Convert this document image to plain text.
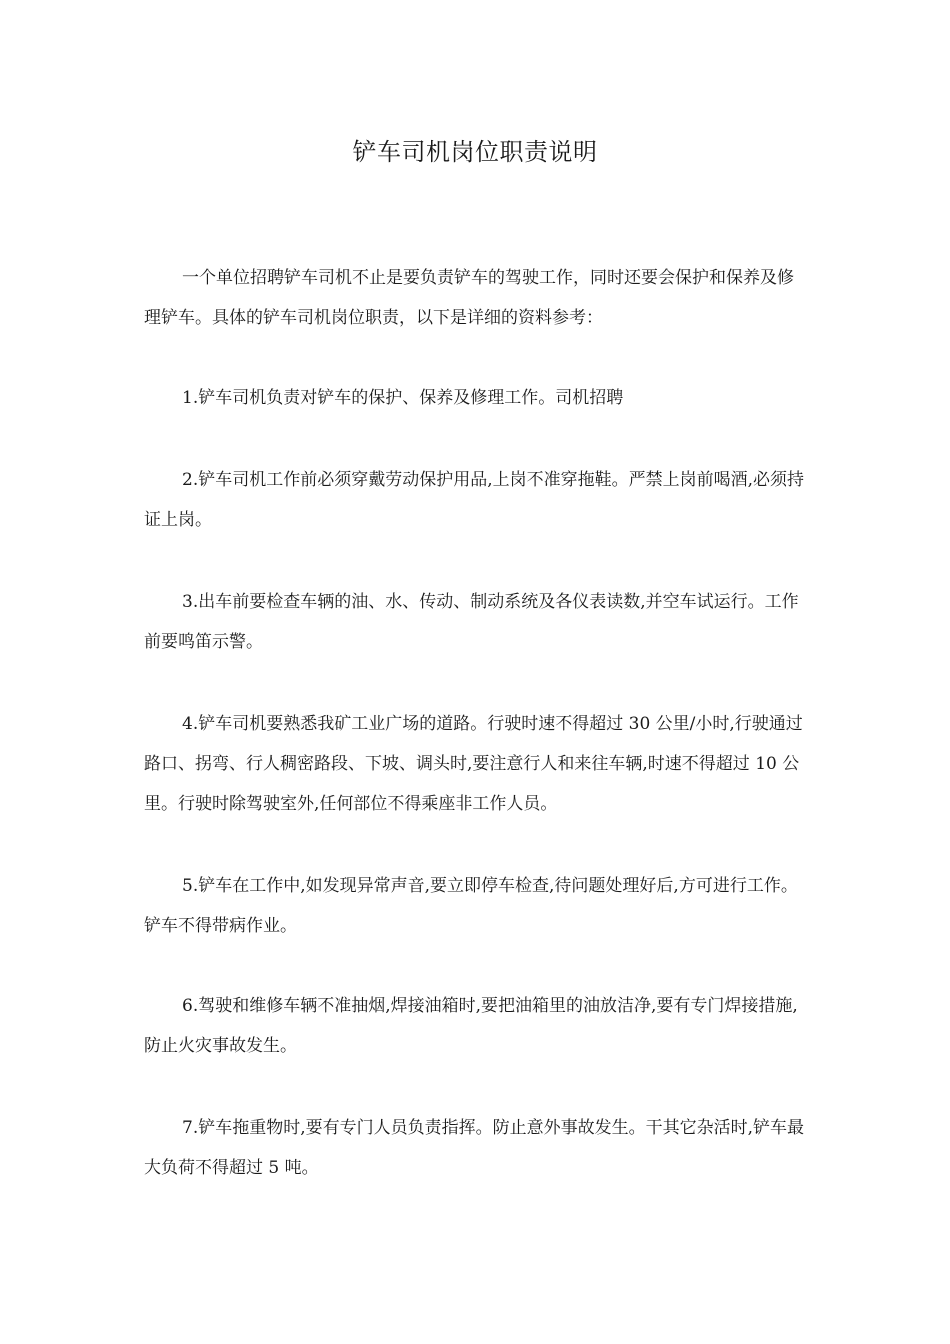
铲车司机岗位职责说明

一个单位招聘铲车司机不止是要负责铲车的驾驶工作，同时还要会保护和保养及修理铲车。具体的铲车司机岗位职责，以下是详细的资料参考：

1.铲车司机负责对铲车的保护、保养及修理工作。司机招聘

2.铲车司机工作前必须穿戴劳动保护用品,上岗不准穿拖鞋。严禁上岗前喝酒,必须持证上岗。

3.出车前要检查车辆的油、水、传动、制动系统及各仪表读数,并空车试运行。工作前要鸣笛示警。

4.铲车司机要熟悉我矿工业广场的道路。行驶时速不得超过 30 公里/小时,行驶通过路口、拐弯、行人稠密路段、下坡、调头时,要注意行人和来往车辆,时速不得超过 10 公里。行驶时除驾驶室外,任何部位不得乘座非工作人员。

5.铲车在工作中,如发现异常声音,要立即停车检查,待问题处理好后,方可进行工作。铲车不得带病作业。

6.驾驶和维修车辆不准抽烟,焊接油箱时,要把油箱里的油放洁净,要有专门焊接措施,防止火灾事故发生。

7.铲车拖重物时,要有专门人员负责指挥。防止意外事故发生。干其它杂活时,铲车最大负荷不得超过 5 吨。
